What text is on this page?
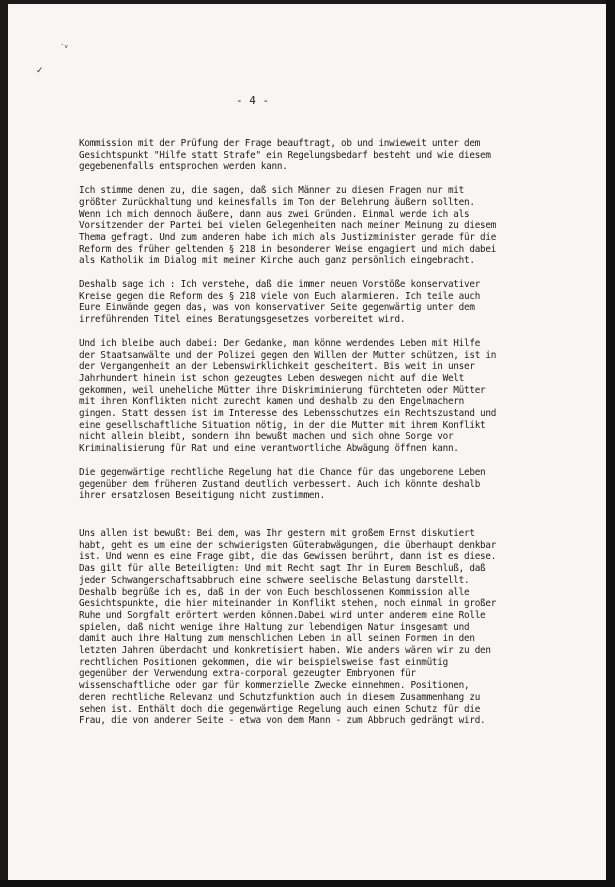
˙ᵛ
✓
- 4 -
Kommission mit der Prüfung der Frage beauftragt, ob und inwieweit unter dem
Gesichtspunkt "Hilfe statt Strafe" ein Regelungsbedarf besteht und wie diesem
gegebenenfalls entsprochen werden kann.
Ich stimme denen zu, die sagen, daß sich Männer zu diesen Fragen nur mit
größter Zurückhaltung und keinesfalls im Ton der Belehrung äußern sollten.
Wenn ich mich dennoch äußere, dann aus zwei Gründen. Einmal werde ich als
Vorsitzender der Partei bei vielen Gelegenheiten nach meiner Meinung zu diesem
Thema gefragt. Und zum anderen habe ich mich als Justizminister gerade für die
Reform des früher geltenden § 218 in besonderer Weise engagiert und mich dabei
als Katholik im Dialog mit meiner Kirche auch ganz persönlich eingebracht.
Deshalb sage ich : Ich verstehe, daß die immer neuen Vorstöße konservativer
Kreise gegen die Reform des § 218 viele von Euch alarmieren. Ich teile auch
Eure Einwände gegen das, was von konservativer Seite gegenwärtig unter dem
irreführenden Titel eines Beratungsgesetzes vorbereitet wird.
Und ich bleibe auch dabei: Der Gedanke, man könne werdendes Leben mit Hilfe
der Staatsanwälte und der Polizei gegen den Willen der Mutter schützen, ist in
der Vergangenheit an der Lebenswirklichkeit gescheitert. Bis weit in unser
Jahrhundert hinein ist schon gezeugtes Leben deswegen nicht auf die Welt
gekommen, weil uneheliche Mütter ihre Diskriminierung fürchteten oder Mütter
mit ihren Konflikten nicht zurecht kamen und deshalb zu den Engelmachern
gingen. Statt dessen ist im Interesse des Lebensschutzes ein Rechtszustand und
eine gesellschaftliche Situation nötig, in der die Mutter mit ihrem Konflikt
nicht allein bleibt, sondern ihn bewußt machen und sich ohne Sorge vor
Kriminalisierung für Rat und eine verantwortliche Abwägung öffnen kann.
Die gegenwärtige rechtliche Regelung hat die Chance für das ungeborene Leben
gegenüber dem früheren Zustand deutlich verbessert. Auch ich könnte deshalb
ihrer ersatzlosen Beseitigung nicht zustimmen.
Uns allen ist bewußt: Bei dem, was Ihr gestern mit großem Ernst diskutiert
habt, geht es um eine der schwierigsten Güterabwägungen, die überhaupt denkbar
ist. Und wenn es eine Frage gibt, die das Gewissen berührt, dann ist es diese.
Das gilt für alle Beteiligten: Und mit Recht sagt Ihr in Eurem Beschluß, daß
jeder Schwangerschaftsabbruch eine schwere seelische Belastung darstellt.
Deshalb begrüße ich es, daß in der von Euch beschlossenen Kommission alle
Gesichtspunkte, die hier miteinander in Konflikt stehen, noch einmal in großer
Ruhe und Sorgfalt erörtert werden können.Dabei wird unter anderem eine Rolle
spielen, daß nicht wenige ihre Haltung zur lebendigen Natur insgesamt und
damit auch ihre Haltung zum menschlichen Leben in all seinen Formen in den
letzten Jahren überdacht und konkretisiert haben. Wie anders wären wir zu den
rechtlichen Positionen gekommen, die wir beispielsweise fast einmütig
gegenüber der Verwendung extra-corporal gezeugter Embryonen für
wissenschaftliche oder gar für kommerzielle Zwecke einnehmen. Positionen,
deren rechtliche Relevanz und Schutzfunktion auch in diesem Zusammenhang zu
sehen ist. Enthält doch die gegenwärtige Regelung auch einen Schutz für die
Frau, die von anderer Seite - etwa von dem Mann - zum Abbruch gedrängt wird.
